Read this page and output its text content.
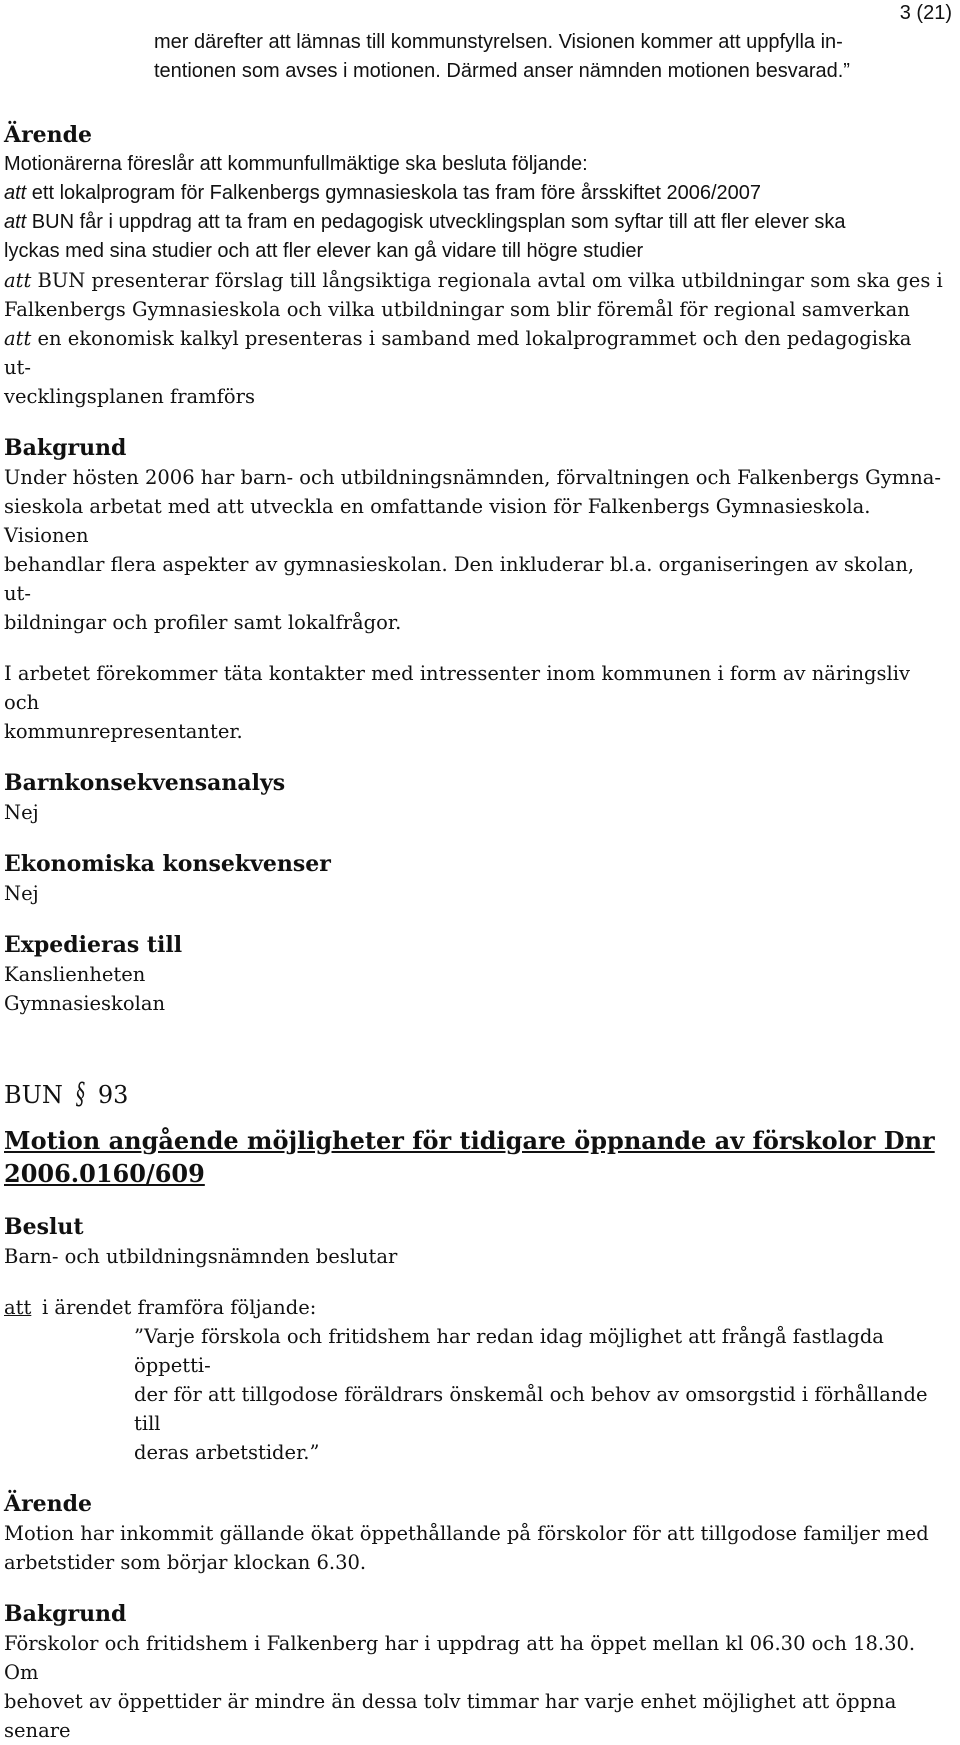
3 (21)

mer därefter att lämnas till kommunstyrelsen. Visionen kommer att uppfylla in-

tentionen som avses i motionen. Därmed anser nämnden motionen besvarad.”

Ärende

Motionärerna föreslår att kommunfullmäktige ska besluta följande:

att ett lokalprogram för Falkenbergs gymnasieskola tas fram före årsskiftet 2006/2007

att BUN får i uppdrag att ta fram en pedagogisk utvecklingsplan som syftar till att fler elever ska

lyckas med sina studier och att fler elever kan gå vidare till högre studier

att BUN presenterar förslag till långsiktiga regionala avtal om vilka utbildningar som ska ges i

Falkenbergs Gymnasieskola och vilka utbildningar som blir föremål för regional samverkan

att en ekonomisk kalkyl presenteras i samband med lokalprogrammet och den pedagogiska ut-

vecklingsplanen framförs

Bakgrund

Under hösten 2006 har barn- och utbildningsnämnden, förvaltningen och Falkenbergs Gymna-

sieskola arbetat med att utveckla en omfattande vision för Falkenbergs Gymnasieskola. Visionen

behandlar flera aspekter av gymnasieskolan. Den inkluderar bl.a. organiseringen av skolan, ut-

bildningar och profiler samt lokalfrågor.

I arbetet förekommer täta kontakter med intressenter inom kommunen i form av näringsliv och

kommunrepresentanter.

Barnkonsekvensanalys

Nej

Ekonomiska konsekvenser

Nej

Expedieras till

Kanslienheten

Gymnasieskolan

BUN § 93

Motion angående möjligheter för tidigare öppnande av förskolor Dnr

2006.0160/609

Beslut

Barn- och utbildningsnämnden beslutar

att i ärendet framföra följande:

”Varje förskola och fritidshem har redan idag möjlighet att frångå fastlagda öppetti-

der för att tillgodose föräldrars önskemål och behov av omsorgstid i förhållande till

deras arbetstider.”

Ärende

Motion har inkommit gällande ökat öppethållande på förskolor för att tillgodose familjer med

arbetstider som börjar klockan 6.30.

Bakgrund

Förskolor och fritidshem i Falkenberg har i uppdrag att ha öppet mellan kl 06.30 och 18.30. Om

behovet av öppettider är mindre än dessa tolv timmar har varje enhet möjlighet att öppna senare
